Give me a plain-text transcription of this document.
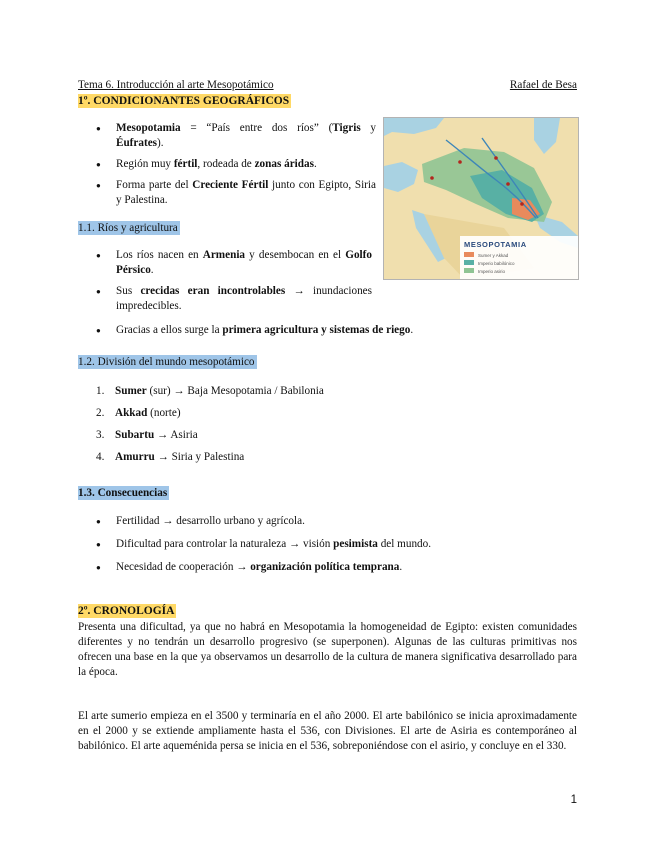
Tema 6. Introducción al arte Mesopotámico	Rafael de Besa
1º. CONDICIONANTES GEOGRÁFICOS
● Mesopotamia = “País entre dos ríos” (Tigris y Éufrates).
● Región muy fértil, rodeada de zonas áridas.
● Forma parte del Creciente Fértil junto con Egipto, Siria y Palestina.
MESOPOTAMIA
Sumer y Akkad
Imperio babilónico
Imperio asirio
1.1. Ríos y agricultura
● Los ríos nacen en Armenia y desembocan en el Golfo Pérsico.
● Sus crecidas eran incontrolables → inundaciones impredecibles.
● Gracias a ellos surge la primera agricultura y sistemas de riego.
1.2. División del mundo mesopotámico
1. Sumer (sur) → Baja Mesopotamia / Babilonia
2. Akkad (norte)
3. Subartu → Asiria
4. Amurru → Siria y Palestina
1.3. Consecuencias
● Fertilidad → desarrollo urbano y agrícola.
● Dificultad para controlar la naturaleza → visión pesimista del mundo.
● Necesidad de cooperación → organización política temprana.
2º. CRONOLOGÍA

Presenta una dificultad, ya que no habrá en Mesopotamia la homogeneidad de Egipto: existen comunidades diferentes y no tendrán un desarrollo progresivo (se superponen). Algunas de las culturas primitivas nos ofrecen una base en la que ya observamos un desarrollo de la cultura de manera significativa desarrollado para la época.

El arte sumerio empieza en el 3500 y terminaría en el año 2000. El arte babilónico se inicia aproximadamente en el 2000 y se extiende ampliamente hasta el 536, con Divisiones. El arte de Asiria es contemporáneo al babilónico. El arte aqueménida persa se inicia en el 536, sobreponiéndose con el asirio, y concluye en el 330.

1
